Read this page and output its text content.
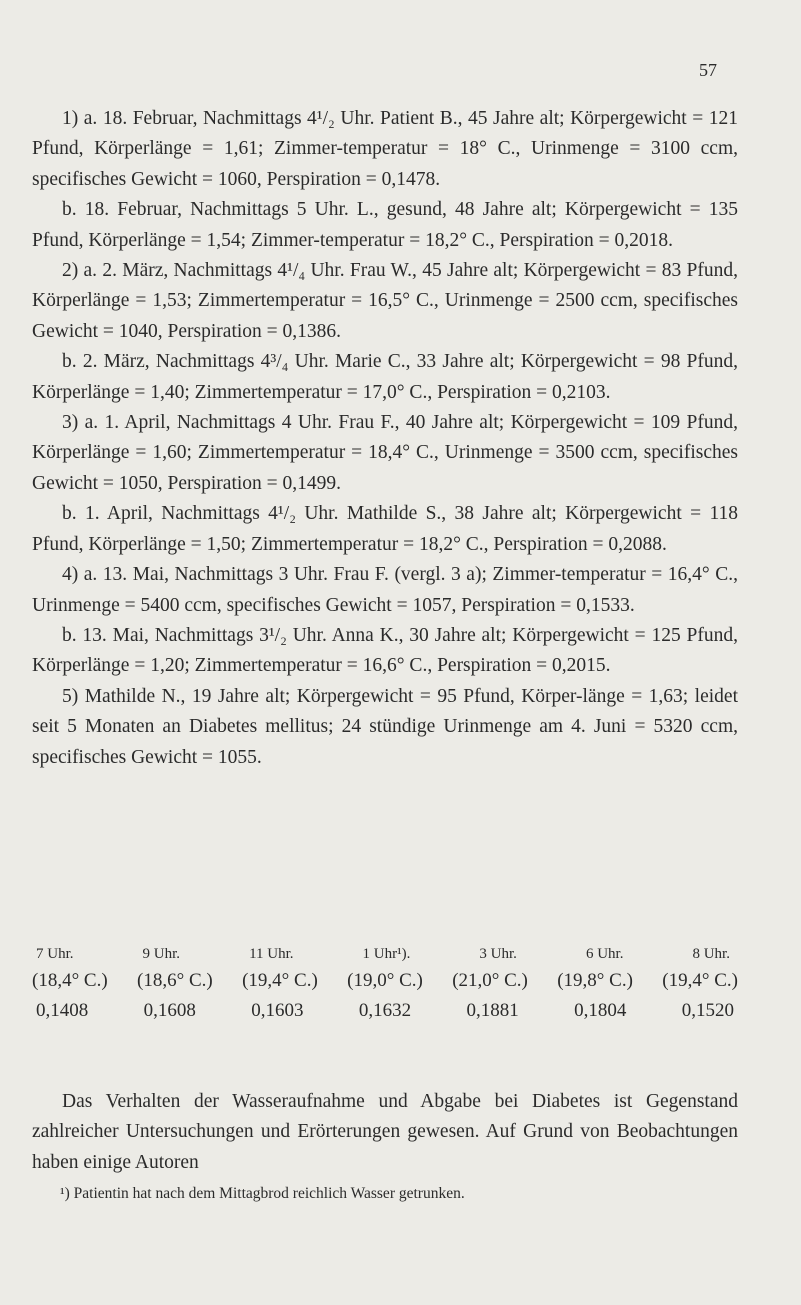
57

1) a. 18. Februar, Nachmittags 4¹/₂ Uhr. Patient B., 45 Jahre alt; Körpergewicht = 121 Pfund, Körperlänge = 1,61; Zimmer-temperatur = 18° C., Urinmenge = 3100 ccm, specifisches Gewicht = 1060, Perspiration = 0,1478.

b. 18. Februar, Nachmittags 5 Uhr. L., gesund, 48 Jahre alt; Körpergewicht = 135 Pfund, Körperlänge = 1,54; Zimmer-temperatur = 18,2° C., Perspiration = 0,2018.

2) a. 2. März, Nachmittags 4¹/₄ Uhr. Frau W., 45 Jahre alt; Körpergewicht = 83 Pfund, Körperlänge = 1,53; Zimmertemperatur = 16,5° C., Urinmenge = 2500 ccm, specifisches Gewicht = 1040, Perspiration = 0,1386.

b. 2. März, Nachmittags 4³/₄ Uhr. Marie C., 33 Jahre alt; Körpergewicht = 98 Pfund, Körperlänge = 1,40; Zimmertemperatur = 17,0° C., Perspiration = 0,2103.

3) a. 1. April, Nachmittags 4 Uhr. Frau F., 40 Jahre alt; Körpergewicht = 109 Pfund, Körperlänge = 1,60; Zimmertemperatur = 18,4° C., Urinmenge = 3500 ccm, specifisches Gewicht = 1050, Perspiration = 0,1499.

b. 1. April, Nachmittags 4¹/₂ Uhr. Mathilde S., 38 Jahre alt; Körpergewicht = 118 Pfund, Körperlänge = 1,50; Zimmertemperatur = 18,2° C., Perspiration = 0,2088.

4) a. 13. Mai, Nachmittags 3 Uhr. Frau F. (vergl. 3 a); Zimmer-temperatur = 16,4° C., Urinmenge = 5400 ccm, specifisches Gewicht = 1057, Perspiration = 0,1533.

b. 13. Mai, Nachmittags 3¹/₂ Uhr. Anna K., 30 Jahre alt; Körpergewicht = 125 Pfund, Körperlänge = 1,20; Zimmertemperatur = 16,6° C., Perspiration = 0,2015.

5) Mathilde N., 19 Jahre alt; Körpergewicht = 95 Pfund, Körper-länge = 1,63; leidet seit 5 Monaten an Diabetes mellitus; 24 stündige Urinmenge am 4. Juni = 5320 ccm, specifisches Gewicht = 1055.

7 Uhr.	9 Uhr.	11 Uhr.	1 Uhr¹).	3 Uhr.	6 Uhr.	8 Uhr.
(18,4° C.) (18,6° C.) (19,4° C.) (19,0° C.) (21,0° C.) (19,8° C.) (19,4° C.)
0,1408	0,1608	0,1603	0,1632	0,1881	0,1804	0,1520

Das Verhalten der Wasseraufnahme und Abgabe bei Diabetes ist Gegenstand zahlreicher Untersuchungen und Erörterungen gewesen. Auf Grund von Beobachtungen haben einige Autoren

¹) Patientin hat nach dem Mittagbrod reichlich Wasser getrunken.
